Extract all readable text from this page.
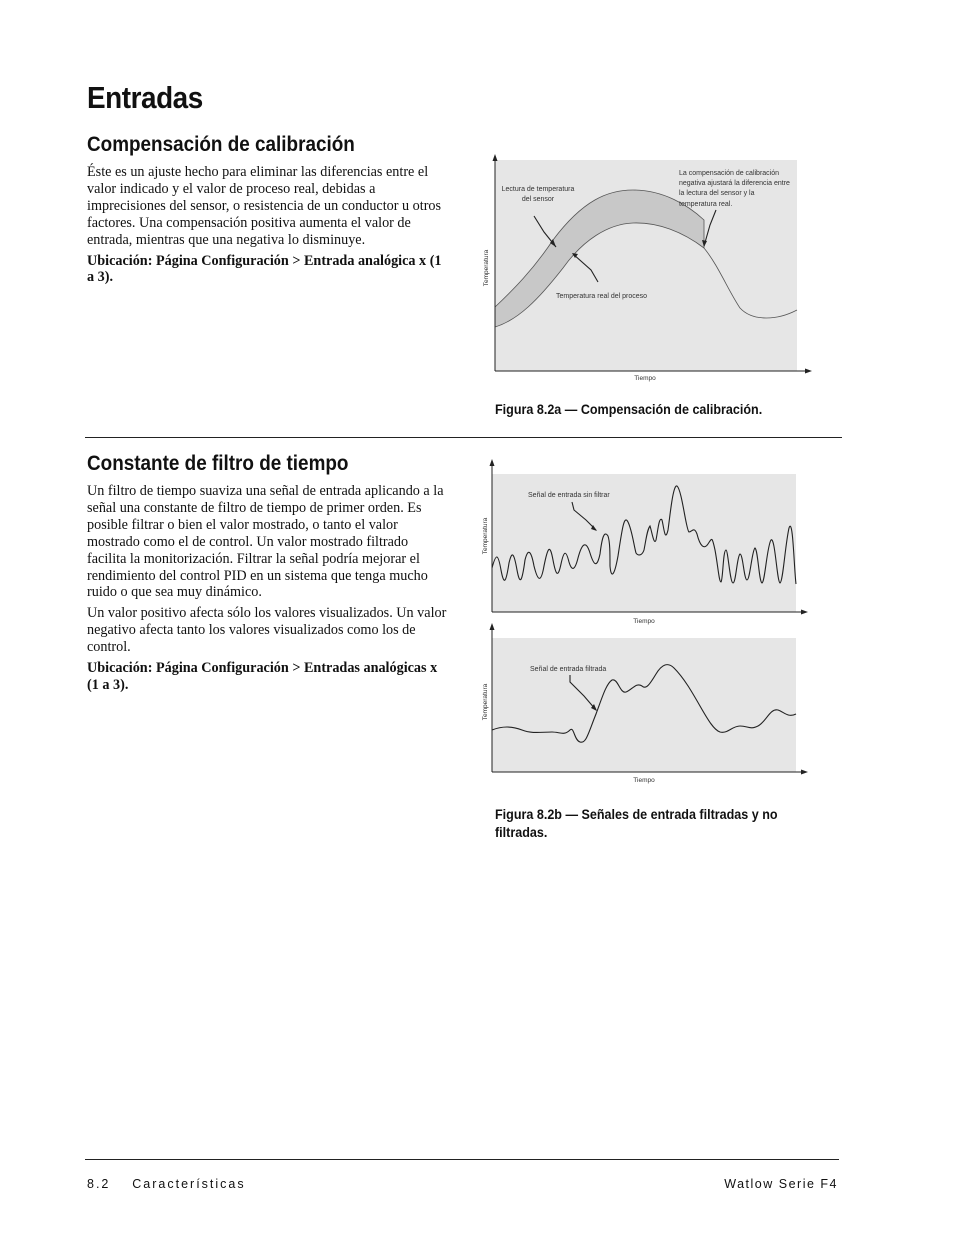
Entradas
Compensación de calibración

Éste es un ajuste hecho para eliminar las diferencias entre el valor indicado y el valor de proceso real, debidas a imprecisiones del sensor, o resistencia de un conductor u otros factores. Una compensación positiva aumenta el valor de entrada, mientras que una negativa lo disminuye.

Ubicación: Página Configuración > Entrada analógica x (1 a 3).

Lectura de temperatura
del sensor
Temperatura real del proceso
La compensación de calibración
negativa ajustará la diferencia entre
la lectura del sensor y la
temperatura real.
Temperatura
Tiempo

Figura 8.2a — Compensación de calibración.

Constante de filtro de tiempo

Un filtro de tiempo suaviza una señal de entrada aplicando a la señal una constante de filtro de tiempo de primer orden. Es posible filtrar o bien el valor mostrado, o tanto el valor mostrado como el de control. Un valor mostrado filtrado facilita la monitorización. Filtrar la señal podría mejorar el rendimiento del control PID en un sistema que tenga mucho ruido o que sea muy dinámico.

Un valor positivo afecta sólo los valores visualizados. Un valor negativo afecta tanto los valores visualizados como los de control.

Ubicación: Página Configuración > Entradas analógicas x (1 a 3).

Señal de entrada sin filtrar
Temperatura
Tiempo
Señal de entrada filtrada
Temperatura
Tiempo

Figura 8.2b — Señales de entrada filtradas y no filtradas.

8.2    Características	Watlow Serie F4
